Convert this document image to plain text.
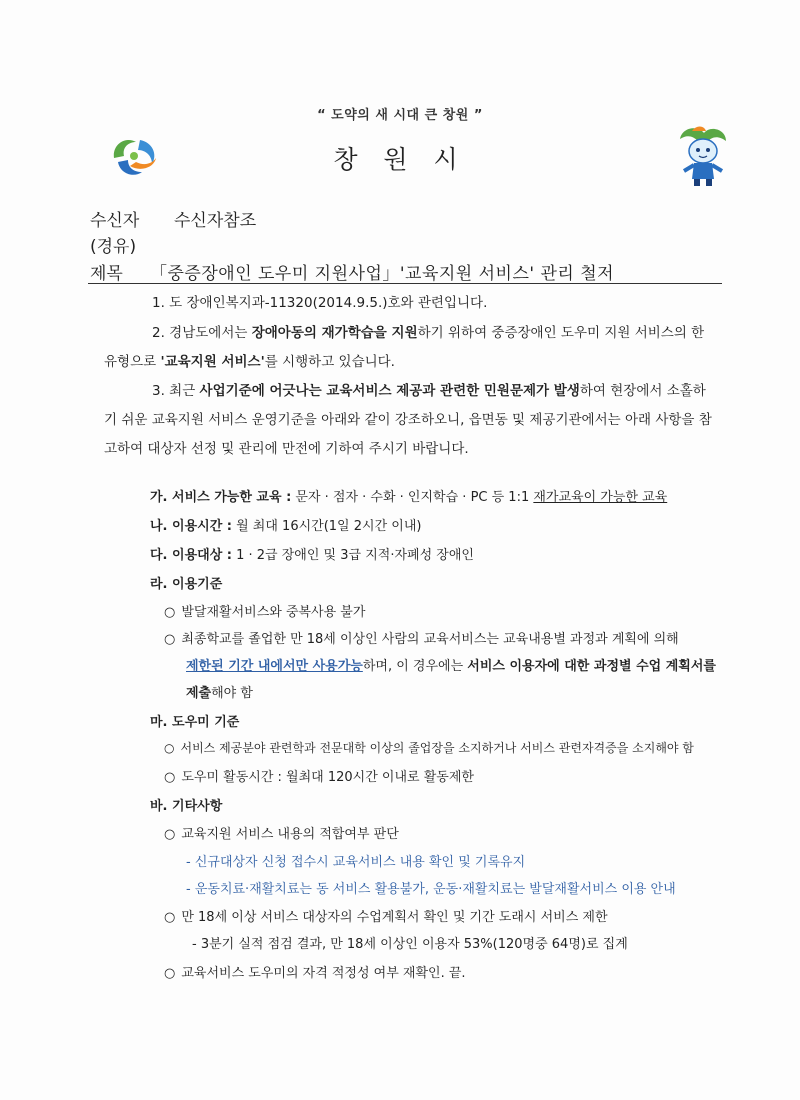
“ 도약의 새 시대 큰 창원 ”
창 원 시
수신자 수신자참조
(경유)
제목 「중증장애인 도우미 지원사업」'교육지원 서비스' 관리 철저
1. 도 장애인복지과-11320(2014.9.5.)호와 관련입니다.
2. 경남도에서는 장애아동의 재가학습을 지원하기 위하여 중증장애인 도우미 지원 서비스의 한 유형으로 '교육지원 서비스'를 시행하고 있습니다.
3. 최근 사업기준에 어긋나는 교육서비스 제공과 관련한 민원문제가 발생하여 현장에서 소홀하기 쉬운 교육지원 서비스 운영기준을 아래와 같이 강조하오니, 읍면동 및 제공기관에서는 아래 사항을 참고하여 대상자 선정 및 관리에 만전에 기하여 주시기 바랍니다.
가. 서비스 가능한 교육 : 문자 · 점자 · 수화 · 인지학습 · PC 등 1:1 재가교육이 가능한 교육
나. 이용시간 : 월 최대 16시간(1일 2시간 이내)
다. 이용대상 : 1 · 2급 장애인 및 3급 지적·자폐성 장애인
라. 이용기준
○ 발달재활서비스와 중복사용 불가
○ 최종학교를 졸업한 만 18세 이상인 사람의 교육서비스는 교육내용별 과정과 계획에 의해
제한된 기간 내에서만 사용가능하며, 이 경우에는 서비스 이용자에 대한 과정별 수업 계획서를
제출해야 함
마. 도우미 기준
○ 서비스 제공분야 관련학과 전문대학 이상의 졸업장을 소지하거나 서비스 관련자격증을 소지해야 함
○ 도우미 활동시간 : 월최대 120시간 이내로 활동제한
바. 기타사항
○ 교육지원 서비스 내용의 적합여부 판단
- 신규대상자 신청 접수시 교육서비스 내용 확인 및 기록유지
- 운동치료·재활치료는 동 서비스 활용불가, 운동·재활치료는 발달재활서비스 이용 안내
○ 만 18세 이상 서비스 대상자의 수업계획서 확인 및 기간 도래시 서비스 제한
- 3분기 실적 점검 결과, 만 18세 이상인 이용자 53%(120명중 64명)로 집계
○ 교육서비스 도우미의 자격 적정성 여부 재확인. 끝.
